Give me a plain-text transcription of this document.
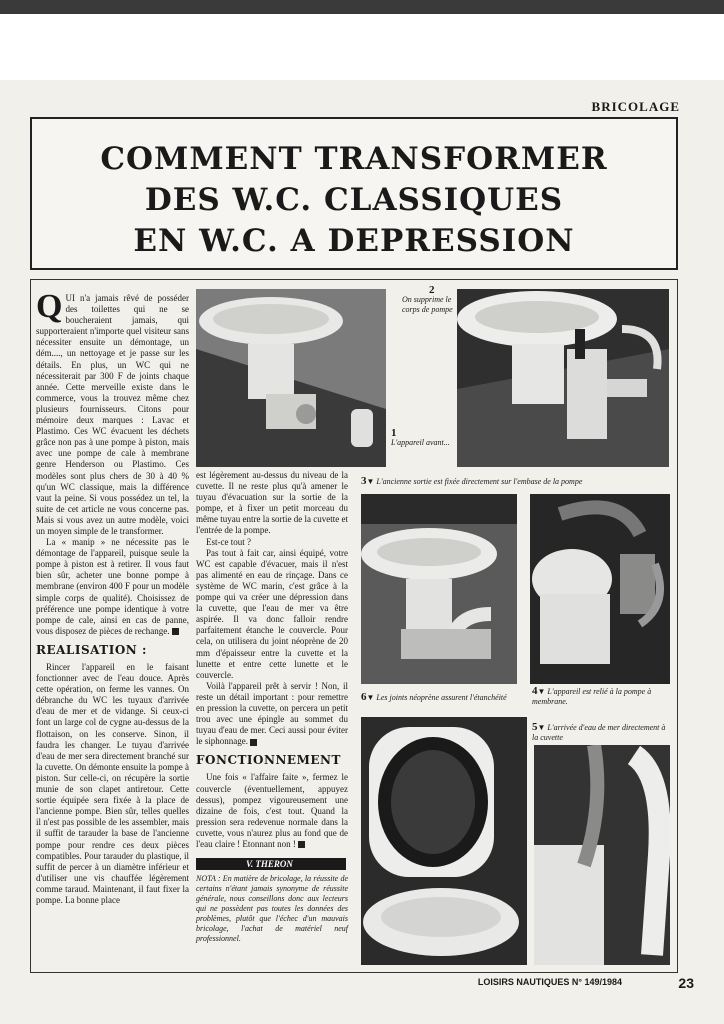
BRICOLAGE
COMMENT TRANSFORMER
DES W.C. CLASSIQUES
EN W.C. A DEPRESSION
Q UI n'a jamais rêvé de posséder des toilettes qui ne se boucheraient jamais, qui supporteraient n'importe quel visiteur sans nécessiter ensuite un démontage, un dém...., un nettoyage et je passe sur les détails. En plus, un WC qui ne nécessiterait par 300 F de joints chaque année. Cette merveille existe dans le commerce, vous la trouvez même chez plusieurs fournisseurs. Citons pour mémoire deux marques : Lavac et Plastimo. Ces WC évacuent les déchets grâce non pas à une pompe à piston, mais avec une pompe de cale à membrane genre Henderson ou Plastimo. Ces modèles sont plus chers de 30 à 40 % qu'un WC classique, mais la différence vaut la peine. Si vous possédez un tel, la suite de cet article ne vous concerne pas. Mais si vous avez un autre modèle, voici un moyen simple de le transformer.

La « manip » ne nécessite pas le démontage de l'appareil, puisque seule la pompe à piston est à retirer. Il vous faut bien sûr, acheter une bonne pompe à membrane (environ 400 F pour un modèle simple corps de qualité). Choisissez de préférence une pompe identique à votre pompe de cale, ainsi en cas de panne, vous disposez de pièces de rechange.

REALISATION :

Rincer l'appareil en le faisant fonctionner avec de l'eau douce. Après cette opération, on ferme les vannes. On débranche du WC les tuyaux d'arrivée d'eau de mer et de vidange. Si ceux-ci font un large col de cygne au-dessus de la flottaison, on les conserve. Sinon, il faudra les changer. Le tuyau d'arrivée d'eau de mer sera directement branché sur la cuvette. On démonte ensuite la pompe à piston. Sur celle-ci, on récupère la sortie munie de son clapet antiretour. Cette sortie équipée sera fixée à la place de l'ancienne pompe. Bien sûr, telles quelles il n'est pas possible de les assembler, mais il suffit de tarauder la base de l'ancienne pompe pour rendre ces deux pièces compatibles. Pour tarauder du plastique, il suffit de percer à un diamètre inférieur et d'utiliser une vis chauffée légèrement comme taraud. Maintenant, il faut fixer la pompe. La bonne place

est légèrement au-dessus du niveau de la cuvette. Il ne reste plus qu'à amener le tuyau d'évacuation sur la sortie de la pompe, et à fixer un petit morceau du même tuyau entre la sortie de la cuvette et l'entrée de la pompe.

Est-ce tout ?

Pas tout à fait car, ainsi équipé, votre WC est capable d'évacuer, mais il n'est pas alimenté en eau de rinçage. Dans ce système de WC marin, c'est grâce à la pompe qui va créer une dépression dans la cuvette, que l'eau de mer va être aspirée. Il va donc falloir rendre parfaitement étanche le couvercle. Pour cela, on utilisera du joint néoprène de 20 mm d'épaisseur entre la cuvette et la lunette et entre cette lunette et le couvercle.

Voilà l'appareil prêt à servir ! Non, il reste un détail important : pour remettre en pression la cuvette, on percera un petit trou avec une épingle au sommet du tuyau d'eau de mer. Ceci aussi pour éviter le siphonnage.

FONCTIONNEMENT

Une fois « l'affaire faite », fermez le couvercle (éventuellement, appuyez dessus), pompez vigoureusement une dizaine de fois, c'est tout. Quand la pression sera redevenue normale dans la cuvette, vous n'aurez plus au fond que de l'eau claire ! Etonnant non !

V. THERON

NOTA : En matière de bricolage, la réussite de certains n'étant jamais synonyme de réussite générale, nous conseillons donc aux lecteurs qui ne possèdent pas toutes les données des problèmes, plutôt que l'échec d'un mauvais bricolage, l'achat de matériel neuf professionnel.

1
L'appareil avant...
2
On supprime le corps de pompe
3▼ L'ancienne sortie est fixée directement sur l'embase de la pompe
4▼ L'appareil est relié à la pompe à membrane.
5▼ L'arrivée d'eau de mer directement à la cuvette
6▼ Les joints néoprène assurent l'étanchéité
LOISIRS NAUTIQUES N° 149/1984	23
